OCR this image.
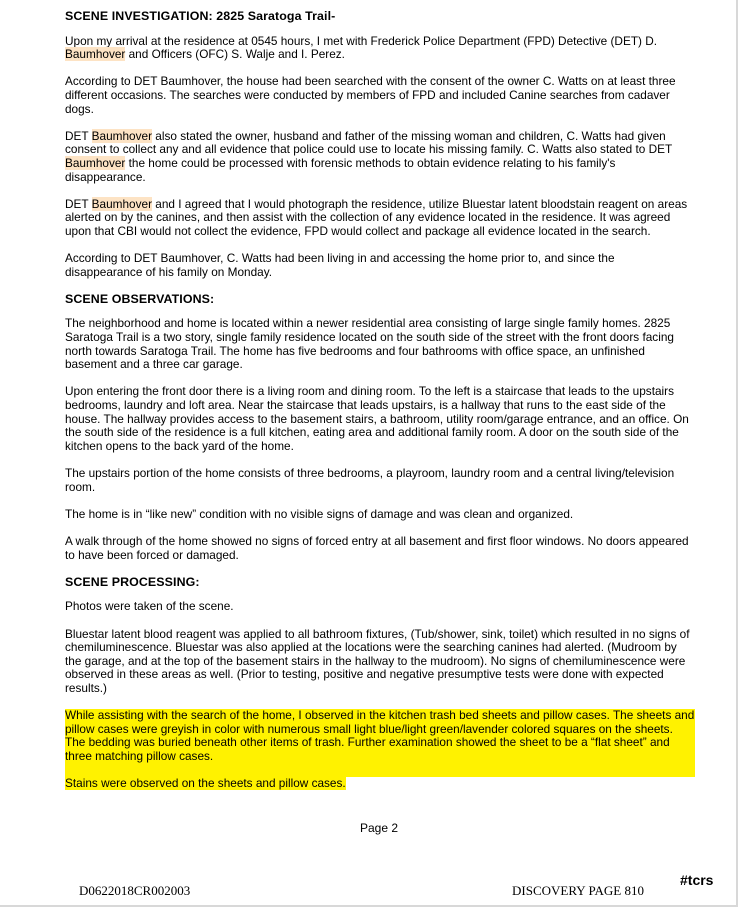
SCENE INVESTIGATION: 2825 Saratoga Trail-

Upon my arrival at the residence at 0545 hours, I met with Frederick Police Department (FPD) Detective (DET) D. Baumhover and Officers (OFC) S. Walje and I. Perez.

According to DET Baumhover, the house had been searched with the consent of the owner C. Watts on at least three different occasions. The searches were conducted by members of FPD and included Canine searches from cadaver dogs.

DET Baumhover also stated the owner, husband and father of the missing woman and children, C. Watts had given consent to collect any and all evidence that police could use to locate his missing family. C. Watts also stated to DET Baumhover the home could be processed with forensic methods to obtain evidence relating to his family's disappearance.

DET Baumhover and I agreed that I would photograph the residence, utilize Bluestar latent bloodstain reagent on areas alerted on by the canines, and then assist with the collection of any evidence located in the residence. It was agreed upon that CBI would not collect the evidence, FPD would collect and package all evidence located in the search.

According to DET Baumhover, C. Watts had been living in and accessing the home prior to, and since the disappearance of his family on Monday.

SCENE OBSERVATIONS:

The neighborhood and home is located within a newer residential area consisting of large single family homes. 2825 Saratoga Trail is a two story, single family residence located on the south side of the street with the front doors facing north towards Saratoga Trail. The home has five bedrooms and four bathrooms with office space, an unfinished basement and a three car garage.

Upon entering the front door there is a living room and dining room. To the left is a staircase that leads to the upstairs bedrooms, laundry and loft area. Near the staircase that leads upstairs, is a hallway that runs to the east side of the house. The hallway provides access to the basement stairs, a bathroom, utility room/garage entrance, and an office. On the south side of the residence is a full kitchen, eating area and additional family room. A door on the south side of the kitchen opens to the back yard of the home.

The upstairs portion of the home consists of three bedrooms, a playroom, laundry room and a central living/television room.

The home is in “like new” condition with no visible signs of damage and was clean and organized.

A walk through of the home showed no signs of forced entry at all basement and first floor windows. No doors appeared to have been forced or damaged.

SCENE PROCESSING:

Photos were taken of the scene.

Bluestar latent blood reagent was applied to all bathroom fixtures, (Tub/shower, sink, toilet) which resulted in no signs of chemiluminescence. Bluestar was also applied at the locations were the searching canines had alerted. (Mudroom by the garage, and at the top of the basement stairs in the hallway to the mudroom). No signs of chemiluminescence were observed in these areas as well. (Prior to testing, positive and negative presumptive tests were done with expected results.)

While assisting with the search of the home, I observed in the kitchen trash bed sheets and pillow cases. The sheets and pillow cases were greyish in color with numerous small light blue/light green/lavender colored squares on the sheets. The bedding was buried beneath other items of trash. Further examination showed the sheet to be a “flat sheet” and three matching pillow cases.

Stains were observed on the sheets and pillow cases.

Page 2
D0622018CR002003	DISCOVERY PAGE 810
#tcrs
